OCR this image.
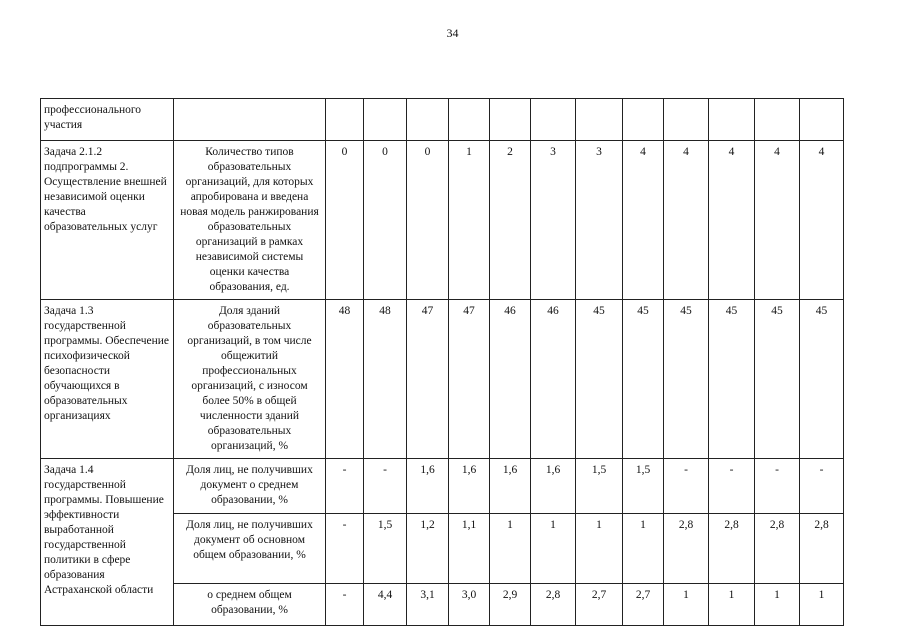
34
профессионального участия													
Задача 2.1.2 подпрограммы 2. Осуществление внешней независимой оценки качества образовательных услуг	Количество типов образовательных организаций, для которых апробирована и введена новая модель ранжирования образовательных организаций в рамках независимой системы оценки качества образования, ед.	0	0	0	1	2	3	3	4	4	4	4	4
Задача 1.3 государственной программы. Обеспечение психофизической безопасности обучающихся в образовательных организациях	Доля зданий образовательных организаций, в том числе общежитий профессиональных организаций, с износом более 50% в общей численности зданий образовательных организаций, %	48	48	47	47	46	46	45	45	45	45	45	45
Задача 1.4 государственной программы. Повышение эффективности выработанной государственной политики в сфере образования Астраханской области	Доля лиц, не получивших документ о среднем образовании, %	-	-	1,6	1,6	1,6	1,6	1,5	1,5	-	-	-	-
	Доля лиц, не получивших документ об основном общем образовании, %	-	1,5	1,2	1,1	1	1	1	1	2,8	2,8	2,8	2,8
	о среднем общем образовании, %	-	4,4	3,1	3,0	2,9	2,8	2,7	2,7	1	1	1	1
